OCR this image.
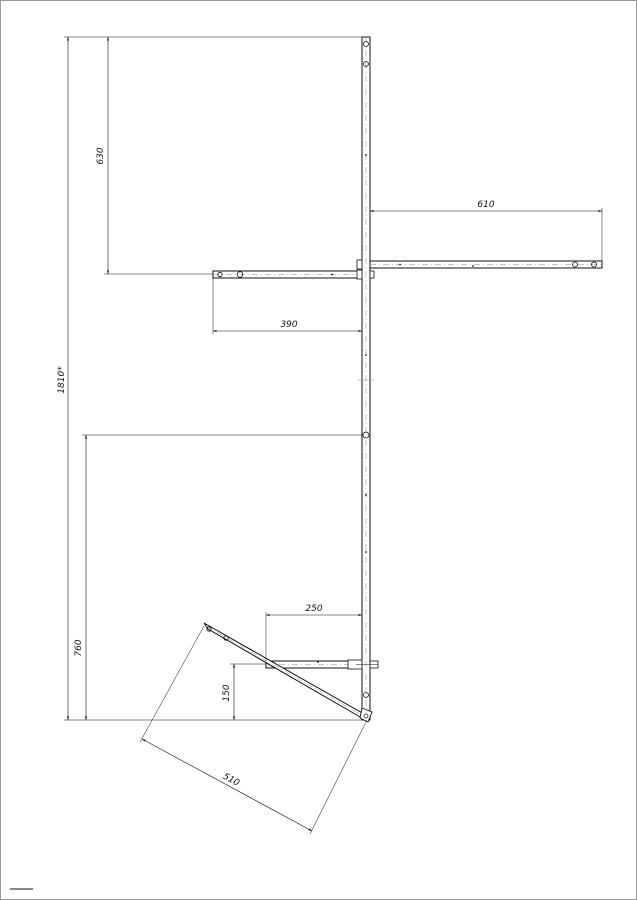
1810*
630
610
390
760
250
150
510
